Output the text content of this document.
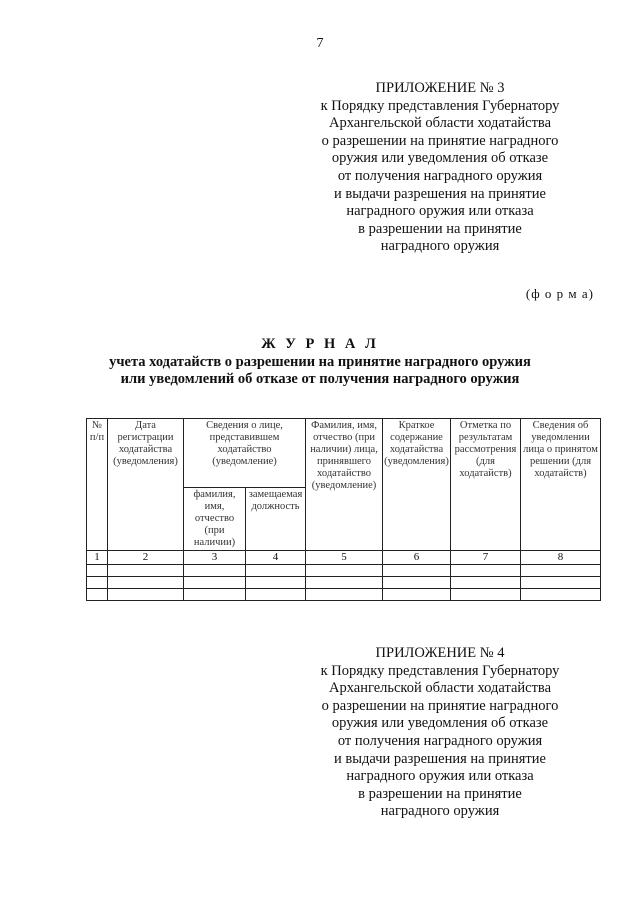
7
ПРИЛОЖЕНИЕ № 3
к Порядку представления Губернатору
Архангельской области ходатайства
о разрешении на принятие наградного
оружия или уведомления об отказе
от получения наградного оружия
и выдачи разрешения на принятие
наградного оружия или отказа
в разрешении на принятие
наградного оружия
(ф о р м а)
Ж У Р Н А Л
учета ходатайств о разрешении на принятие наградного оружия
или уведомлений об отказе от получения наградного оружия
№ п/п	Дата регистрации ходатайства (уведомления)	Сведения о лице, представившем ходатайство (уведомление)		Фамилия, имя, отчество (при наличии) лица, принявшего ходатайство (уведомление)	Краткое содержание ходатайства (уведомления)	Отметка по результатам рассмотрения (для ходатайств)	Сведения об уведомлении лица о принятом решении (для ходатайств)
		фамилия, имя, отчество (при наличии)	замещаемая должность				
1	2	3	4	5	6	7	8

ПРИЛОЖЕНИЕ № 4
к Порядку представления Губернатору
Архангельской области ходатайства
о разрешении на принятие наградного
оружия или уведомления об отказе
от получения наградного оружия
и выдачи разрешения на принятие
наградного оружия или отказа
в разрешении на принятие
наградного оружия
